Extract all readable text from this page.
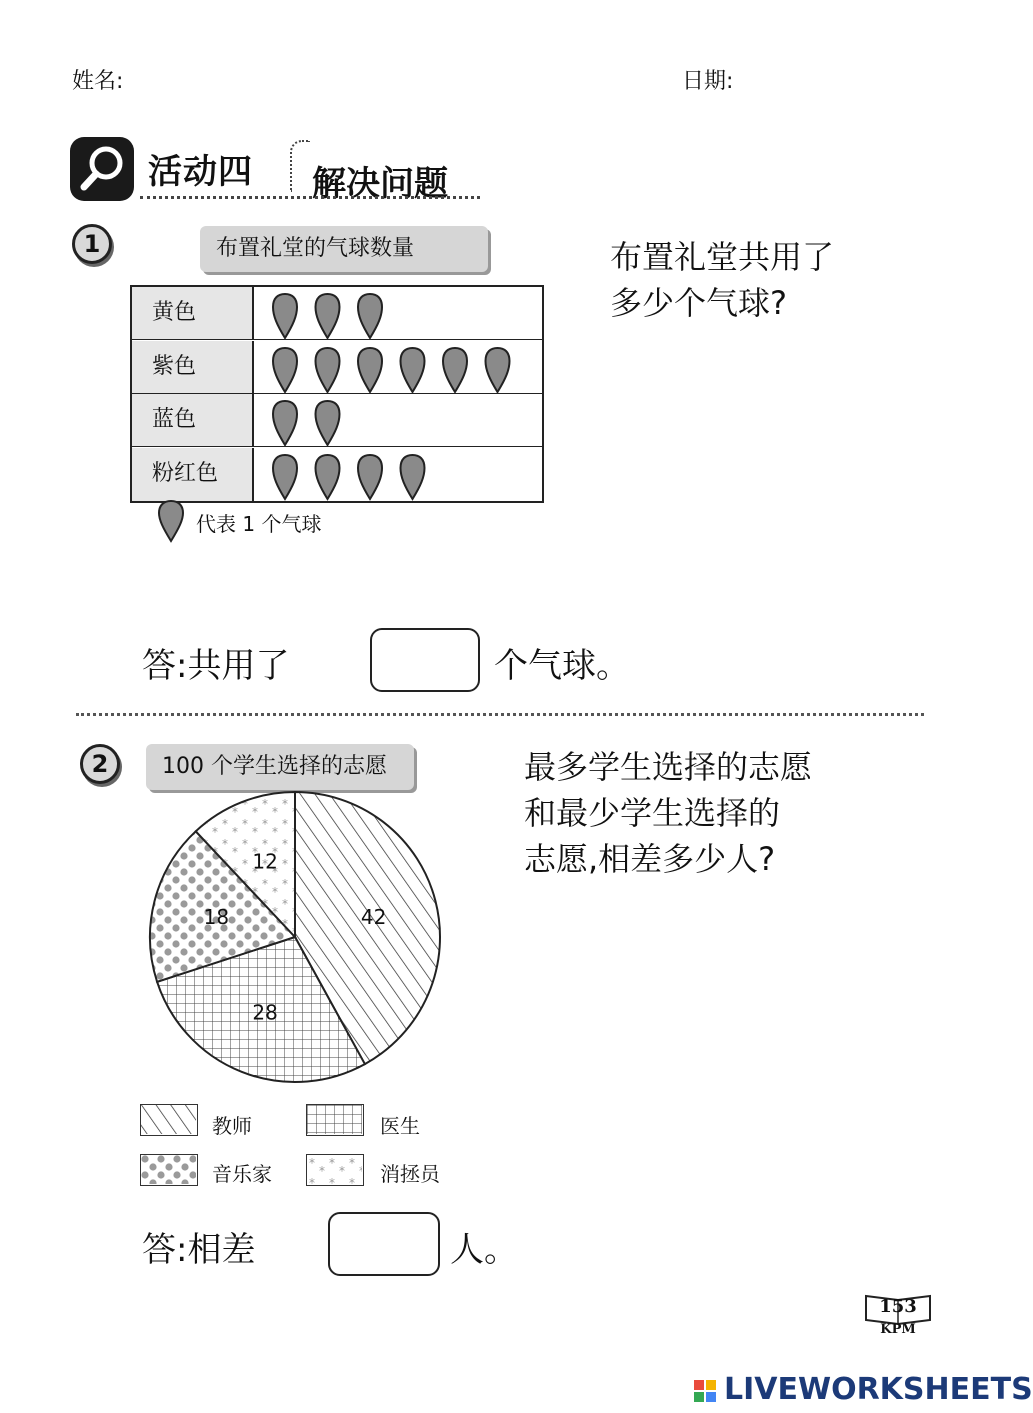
姓名:	日期:
活动四 解决问题
1	布置礼堂的气球数量
黄色
紫色
蓝色
粉红色
代表 1 个气球
布置礼堂共用了
多少个气球?
答:共用了	个气球。
2	100 个学生选择的志愿	最多学生选择的志愿
和最少学生选择的
志愿,相差多少人?
42
28
18
12
教师	医生
音乐家	消拯员
答:相差	人。
153
KPM
LIVEWORKSHEETS
